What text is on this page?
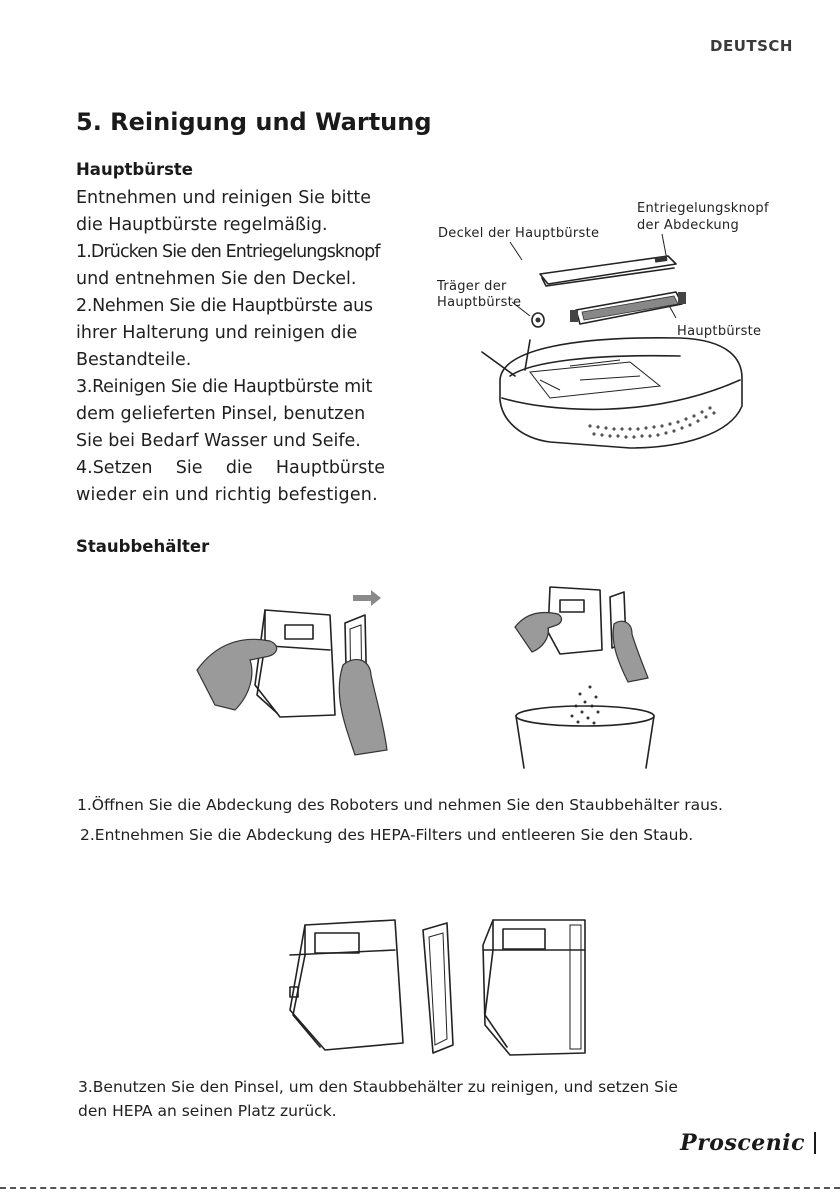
DEUTSCH
5. Reinigung und Wartung
Hauptbürste
Entnehmen und reinigen Sie bitte
die Hauptbürste regelmäßig.
1.Drücken Sie den Entriegelungsknopf
und entnehmen Sie den Deckel.
2.Nehmen Sie die Hauptbürste aus
ihrer Halterung und reinigen die
Bestandteile.
3.Reinigen Sie die Hauptbürste mit
dem gelieferten Pinsel, benutzen
Sie bei Bedarf Wasser und Seife.
4.Setzen Sie die Hauptbürste
wieder ein und richtig befestigen.
Entriegelungsknopf
der Abdeckung
Deckel der Hauptbürste
Träger der
Hauptbürste
Hauptbürste
Staubbehälter
1.Öffnen Sie die Abdeckung des Roboters und nehmen Sie den Staubbehälter raus.
2.Entnehmen Sie die Abdeckung des HEPA-Filters und entleeren Sie den Staub.
3.Benutzen Sie den Pinsel, um den Staubbehälter zu reinigen, und setzen Sie
den HEPA an seinen Platz zurück.
Proscenic
